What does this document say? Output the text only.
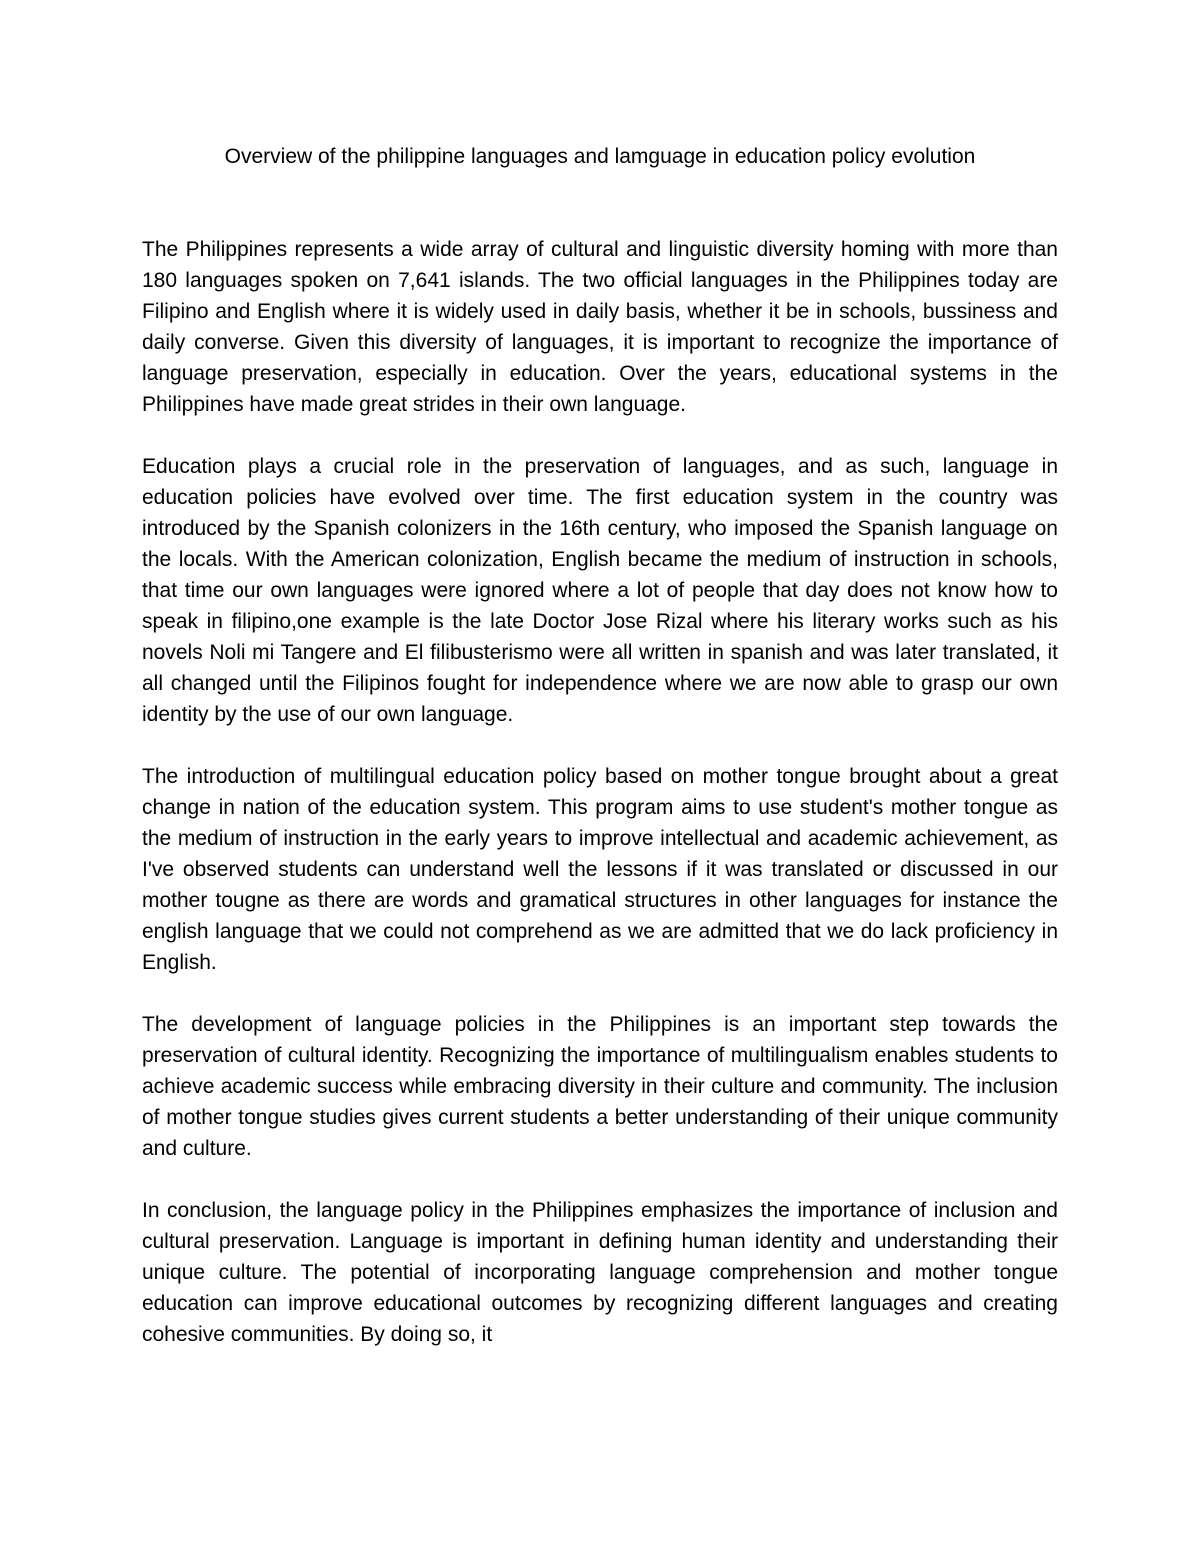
Overview of the philippine languages and lamguage in education policy evolution

The Philippines represents a wide array of cultural and linguistic diversity homing with more than 180 languages spoken on 7,641 islands. The two official languages in the Philippines today are Filipino and English where it is widely used in daily basis, whether it be in schools, bussiness and daily converse. Given this diversity of languages, it is important to recognize the importance of language preservation, especially in education. Over the years, educational systems in the Philippines have made great strides in their own language.

Education plays a crucial role in the preservation of languages, and as such, language in education policies have evolved over time. The first education system in the country was introduced by the Spanish colonizers in the 16th century, who imposed the Spanish language on the locals. With the American colonization, English became the medium of instruction in schools, that time our own languages were ignored where a lot of people that day does not know how to speak in filipino,one example is the late Doctor Jose Rizal where his literary works such as his novels Noli mi Tangere and El filibusterismo were all written in spanish and was later translated, it all changed until the Filipinos fought for independence where we are now able to grasp our own identity by the use of our own language.

The introduction of multilingual education policy based on mother tongue brought about a great change in nation of the education system. This program aims to use student's mother tongue as the medium of instruction in the early years to improve intellectual and academic achievement, as I've observed students can understand well the lessons if it was translated or discussed in our mother tougne as there are words and gramatical structures in other languages for instance the english language that we could not comprehend as we are admitted that we do lack proficiency in English.

The development of language policies in the Philippines is an important step towards the preservation of cultural identity. Recognizing the importance of multilingualism enables students to achieve academic success while embracing diversity in their culture and community. The inclusion of mother tongue studies gives current students a better understanding of their unique community and culture.

In conclusion, the language policy in the Philippines emphasizes the importance of inclusion and cultural preservation. Language is important in defining human identity and understanding their unique culture. The potential of incorporating language comprehension and mother tongue education can improve educational outcomes by recognizing different languages and creating cohesive communities. By doing so, it
